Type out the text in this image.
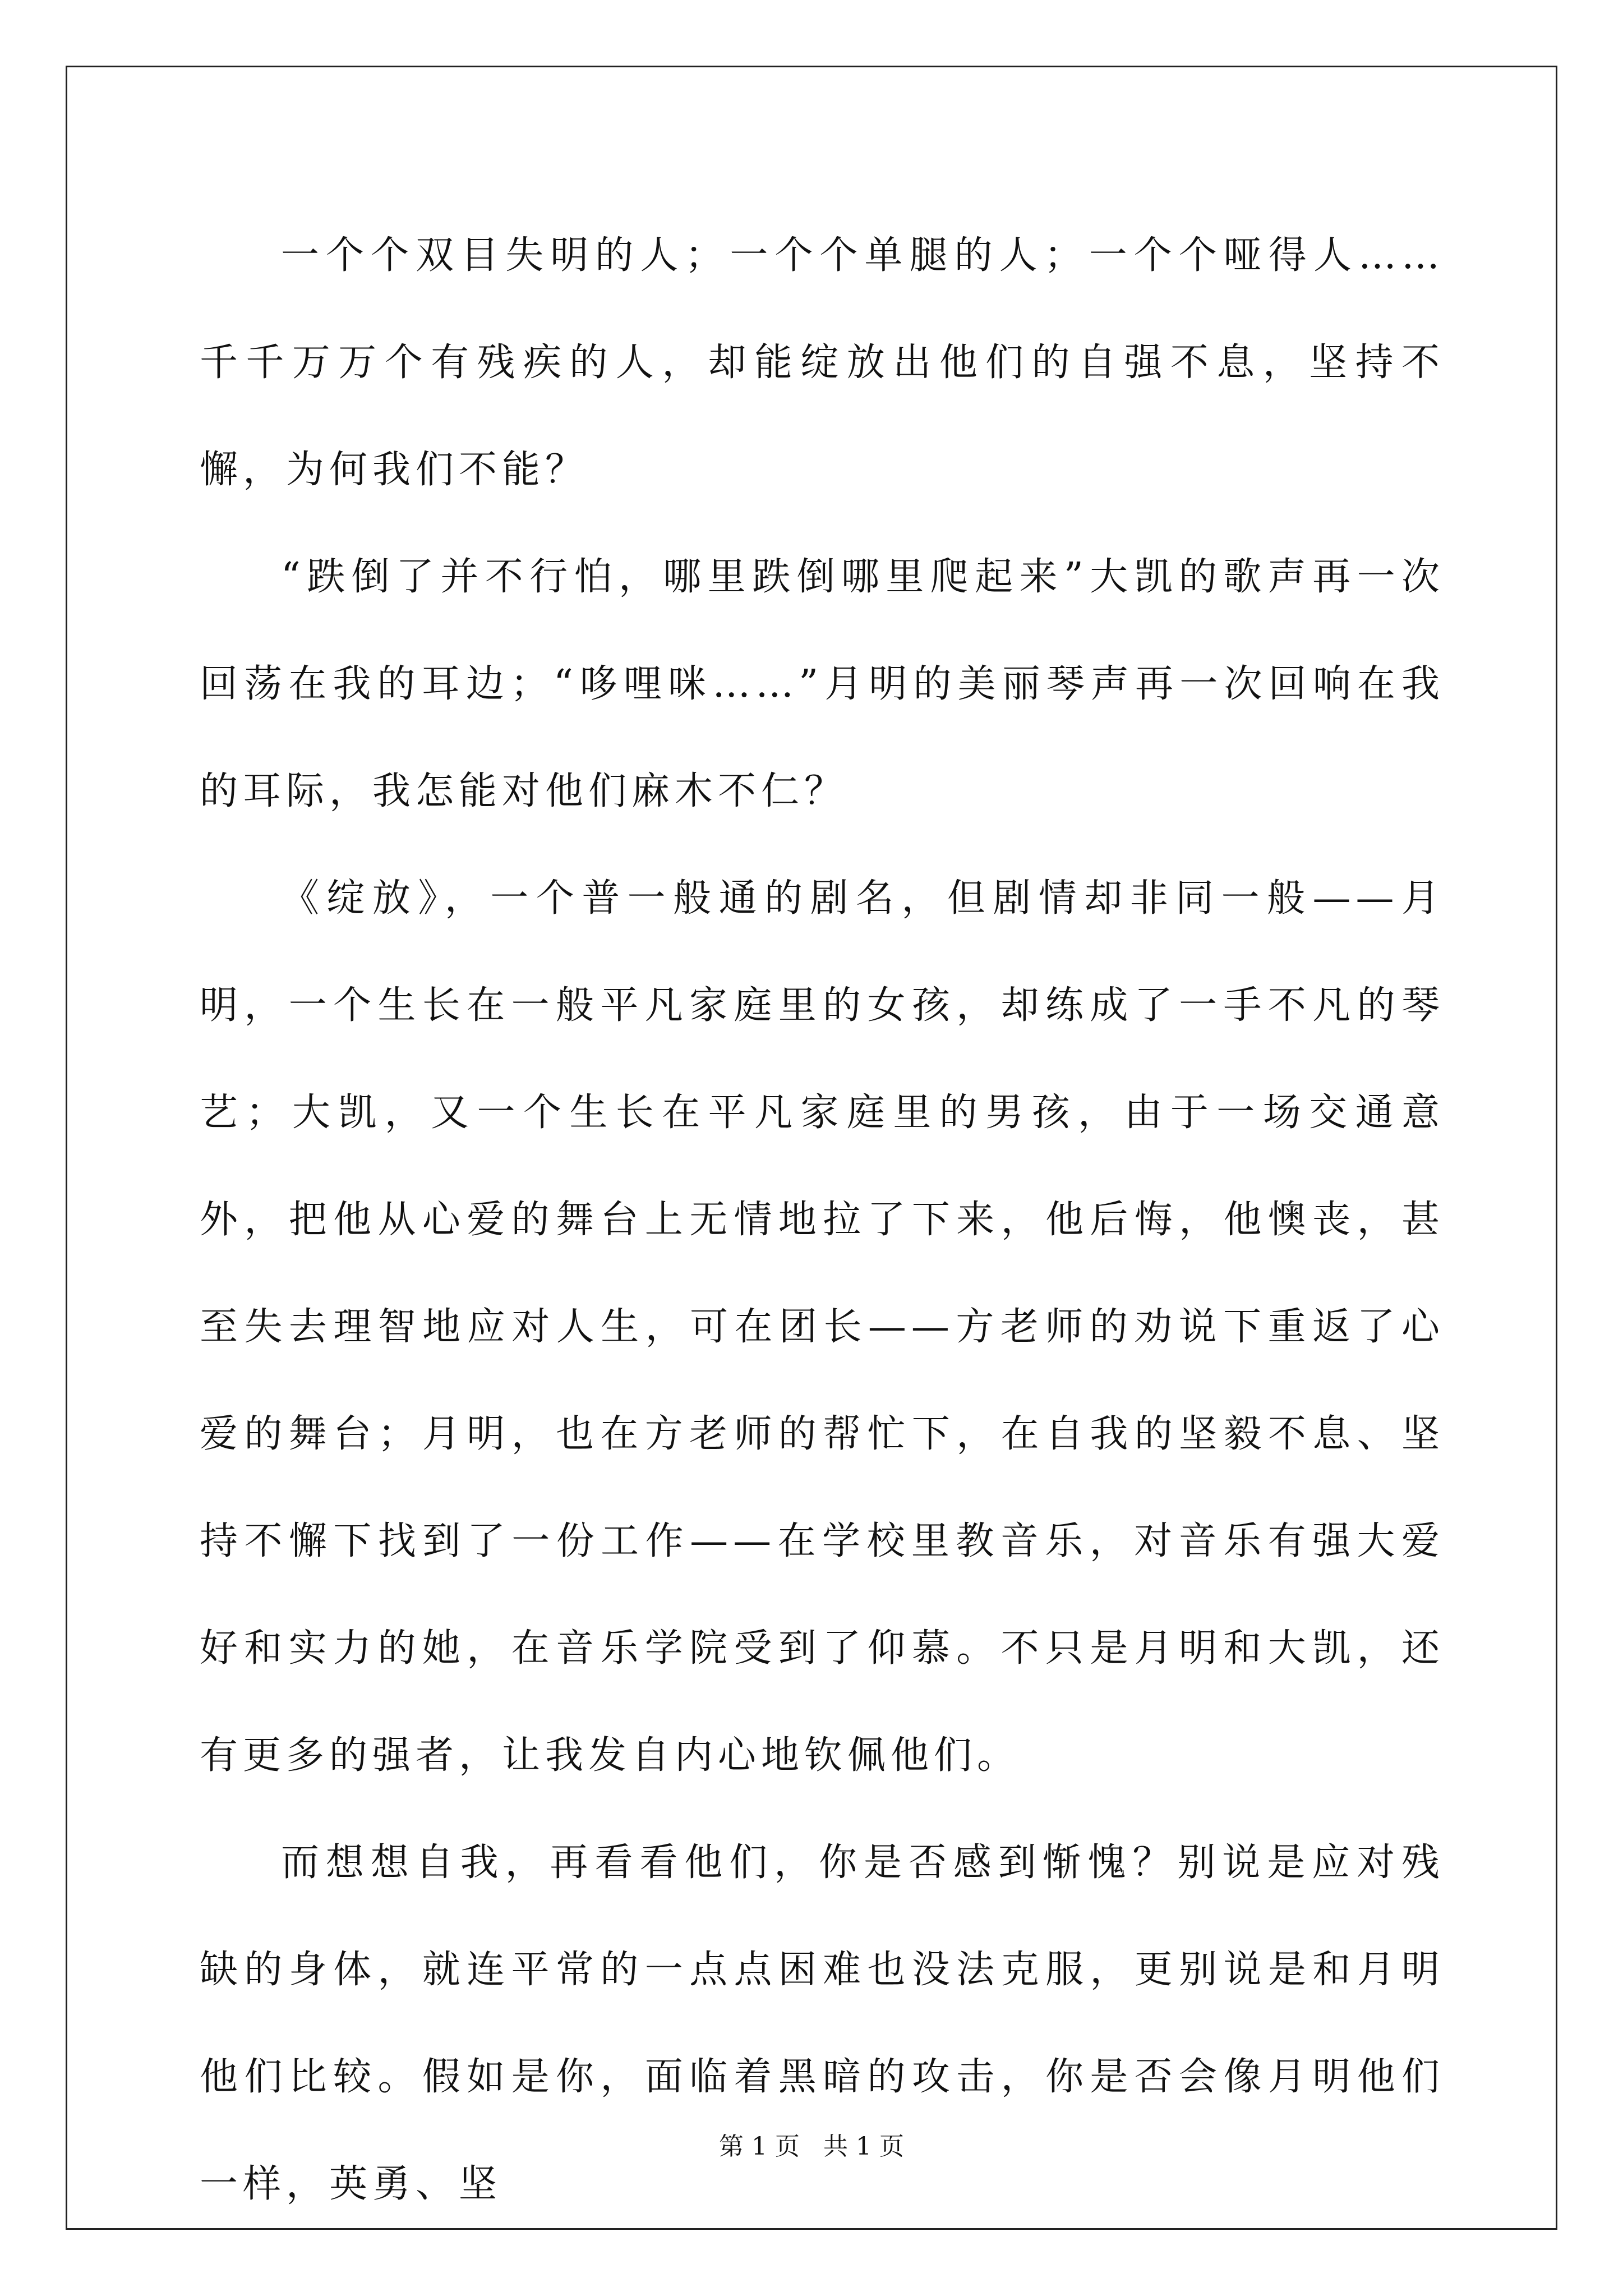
一个个双目失明的人；一个个单腿的人；一个个哑得人……千千万万个有残疾的人，却能绽放出他们的自强不息，坚持不懈，为何我们不能？

“跌倒了并不行怕，哪里跌倒哪里爬起来”大凯的歌声再一次回荡在我的耳边；“哆哩咪……”月明的美丽琴声再一次回响在我的耳际，我怎能对他们麻木不仁？

《绽放》，一个普一般通的剧名，但剧情却非同一般——月明，一个生长在一般平凡家庭里的女孩，却练成了一手不凡的琴艺；大凯，又一个生长在平凡家庭里的男孩，由于一场交通意外，把他从心爱的舞台上无情地拉了下来，他后悔，他懊丧，甚至失去理智地应对人生，可在团长——方老师的劝说下重返了心爱的舞台；月明，也在方老师的帮忙下，在自我的坚毅不息、坚持不懈下找到了一份工作——在学校里教音乐，对音乐有强大爱好和实力的她，在音乐学院受到了仰慕。不只是月明和大凯，还有更多的强者，让我发自内心地钦佩他们。

而想想自我，再看看他们，你是否感到惭愧？别说是应对残缺的身体，就连平常的一点点困难也没法克服，更别说是和月明他们比较。假如是你，面临着黑暗的攻击，你是否会像月明他们一样，英勇、坚

第 1 页 共 1 页
